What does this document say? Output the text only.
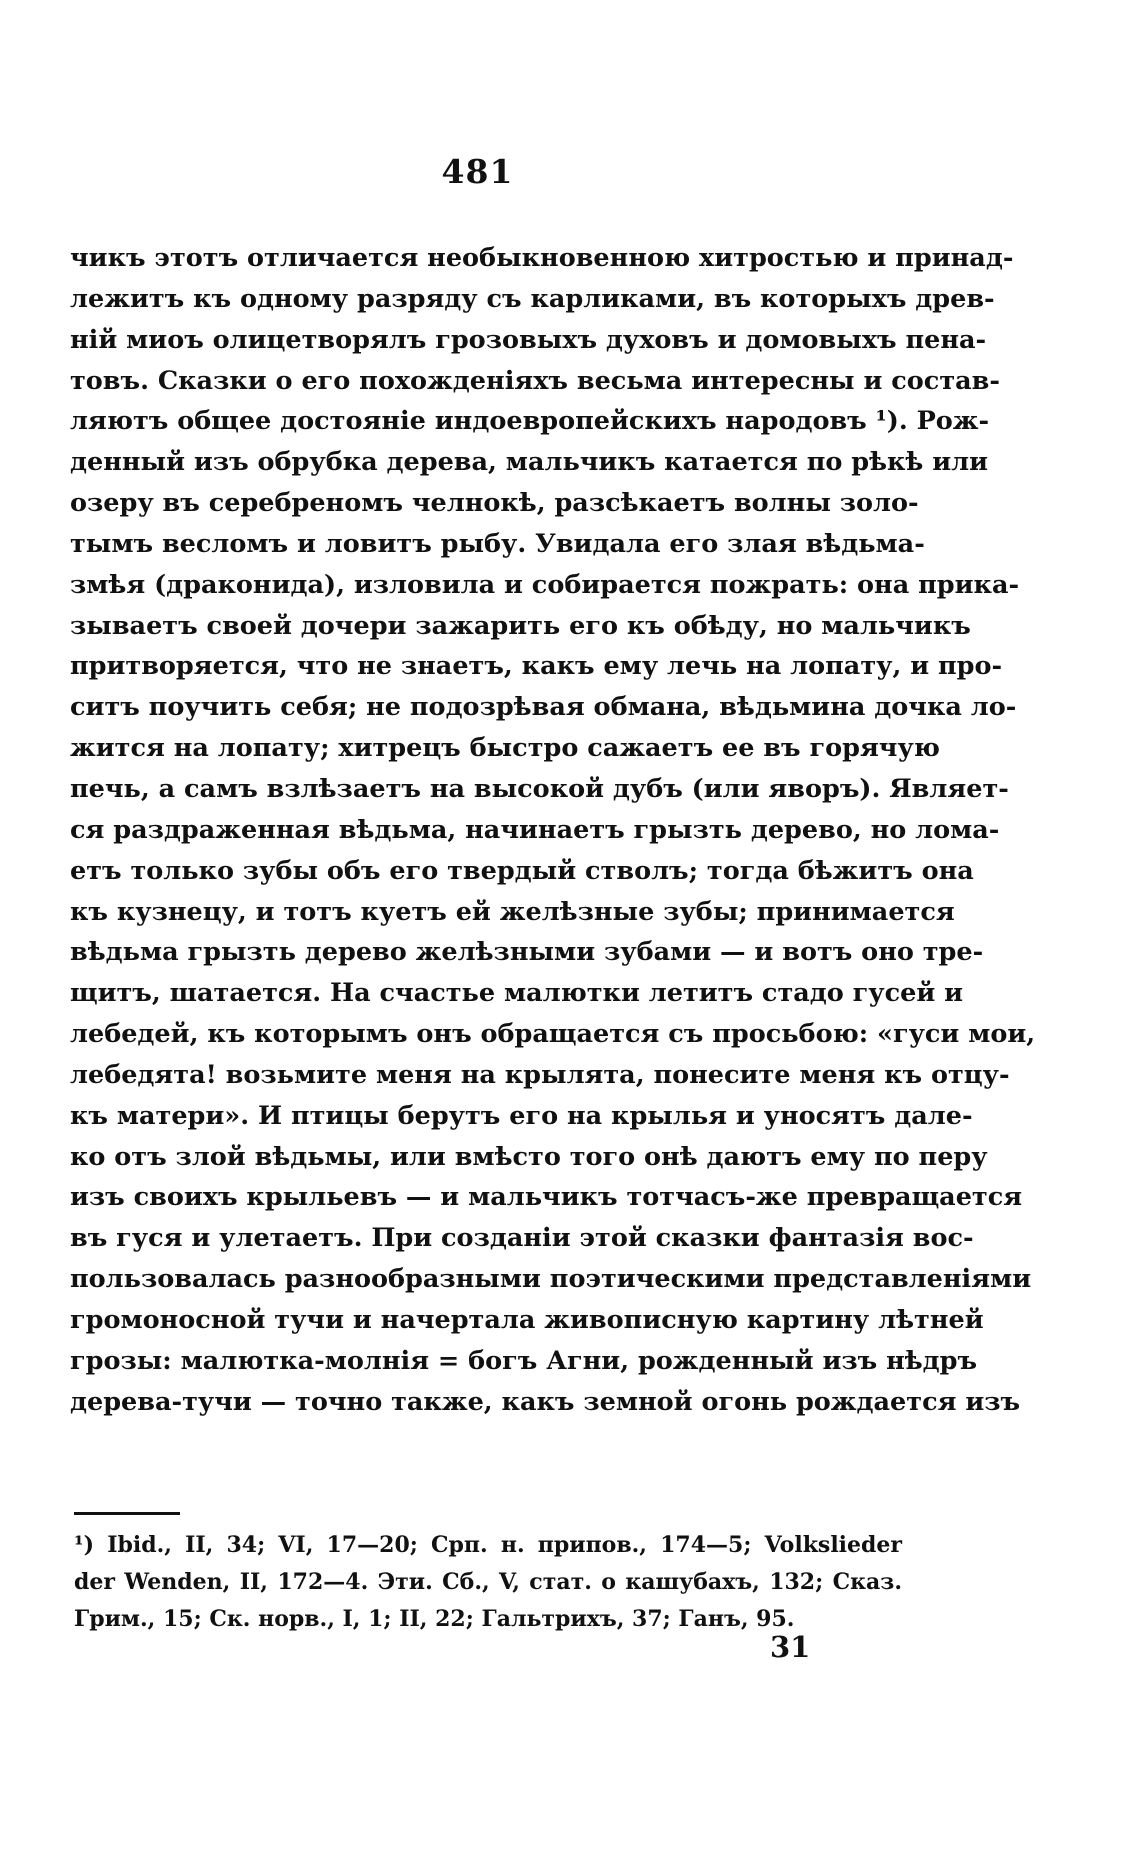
481
чикъ этотъ отличается необыкновенною хитростью и принад-
лежитъ къ одному разряду съ карликами, въ которыхъ древ-
ній миоъ олицетворялъ грозовыхъ духовъ и домовыхъ пена-
товъ. Сказки о его похожденіяхъ весьма интересны и состав-
ляютъ общее достояніе индоевропейскихъ народовъ ¹). Рож-
денный изъ обрубка дерева, мальчикъ катается по рѣкѣ или
озеру въ серебреномъ челнокѣ, разсѣкаетъ волны золо-
тымъ весломъ и ловитъ рыбу. Увидала его злая вѣдьма-
змѣя (драконида), изловила и собирается пожрать: она прика-
зываетъ своей дочери зажарить его къ обѣду, но мальчикъ
притворяется, что не знаетъ, какъ ему лечь на лопату, и про-
ситъ поучить себя; не подозрѣвая обмана, вѣдьмина дочка ло-
жится на лопату; хитрецъ быстро сажаетъ ее въ горячую
печь, а самъ взлѣзаетъ на высокой дубъ (или яворъ). Являет-
ся раздраженная вѣдьма, начинаетъ грызть дерево, но лома-
етъ только зубы объ его твердый стволъ; тогда бѣжитъ она
къ кузнецу, и тотъ куетъ ей желѣзные зубы; принимается
вѣдьма грызть дерево желѣзными зубами — и вотъ оно тре-
щитъ, шатается. На счастье малютки летитъ стадо гусей и
лебедей, къ которымъ онъ обращается съ просьбою: «гуси мои,
лебедята! возьмите меня на крылята, понесите меня къ отцу-
къ матери». И птицы берутъ его на крылья и уносятъ дале-
ко отъ злой вѣдьмы, или вмѣсто того онѣ даютъ ему по перу
изъ своихъ крыльевъ — и мальчикъ тотчасъ-же превращается
въ гуся и улетаетъ. При созданіи этой сказки фантазія вос-
пользовалась разнообразными поэтическими представленіями
громоносной тучи и начертала живописную картину лѣтней
грозы: малютка-молнія = богъ Агни, рожденный изъ нѣдръ
дерева-тучи — точно также, какъ земной огонь рождается изъ
¹) Ibid., II, 34; VI, 17—20; Срп. н. припов., 174—5; Volkslieder
der Wenden, II, 172—4. Эти. Сб., V, стат. о кашубахъ, 132; Сказ.
Грим., 15; Ск. норв., I, 1; II, 22; Гальтрихъ, 37; Ганъ, 95.
31
